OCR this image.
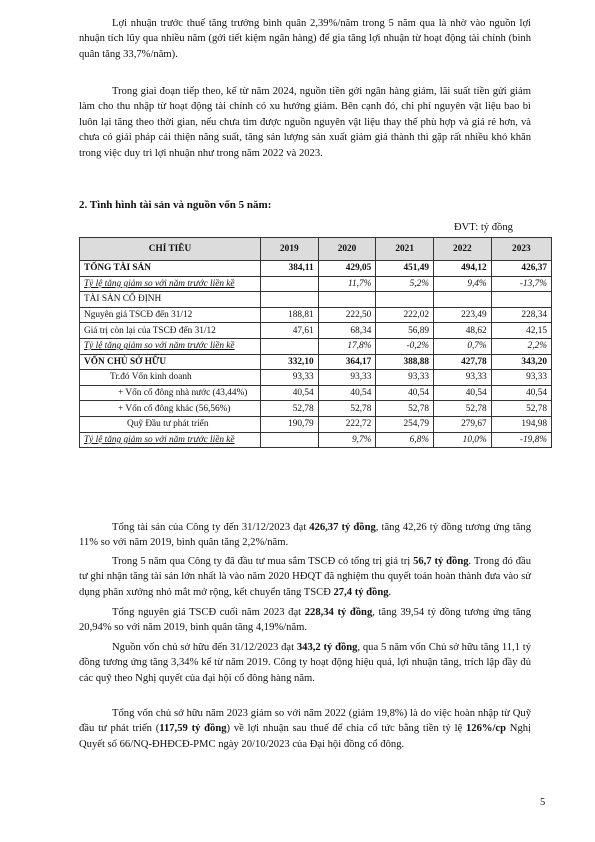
Lợi nhuận trước thuế tăng trưởng bình quân 2,39%/năm trong 5 năm qua là nhờ vào nguồn lợi nhuận tích lũy qua nhiều năm (gởi tiết kiệm ngân hàng) để gia tăng lợi nhuận từ hoạt động tài chính (bình quân tăng 33,7%/năm).

Trong giai đoạn tiếp theo, kể từ năm 2024, nguồn tiền gởi ngân hàng giảm, lãi suất tiền gửi giảm làm cho thu nhập từ hoạt động tài chính có xu hướng giảm. Bên cạnh đó, chi phí nguyên vật liệu bao bì luôn lại tăng theo thời gian, nếu chưa tìm được nguồn nguyên vật liệu thay thế phù hợp và giá rẻ hơn, và chưa có giải pháp cải thiện năng suất, tăng sản lượng sản xuất giảm giá thành thì gặp rất nhiều khó khăn trong việc duy trì lợi nhuận như trong năm 2022 và 2023.

2. Tình hình tài sản và nguồn vốn 5 năm:

ĐVT: tỷ đồng

CHỈ TIÊU	2019	2020	2021	2022	2023
TỔNG TÀI SẢN	384,11	429,05	451,49	494,12	426,37
Tỷ lệ tăng giảm so với năm trước liền kề		11,7%	5,2%	9,4%	-13,7%
TÀI SẢN CỐ ĐỊNH					
Nguyên giá TSCĐ đến 31/12	188,81	222,50	222,02	223,49	228,34
Giá trị còn lại của TSCĐ đến 31/12	47,61	68,34	56,89	48,62	42,15
Tỷ lệ tăng giảm so với năm trước liền kề		17,8%	-0,2%	0,7%	2,2%
VỐN CHỦ SỞ HỮU	332,10	364,17	388,88	427,78	343,20
Tr.đó Vốn kinh doanh	93,33	93,33	93,33	93,33	93,33
+ Vốn cổ đông nhà nước (43,44%)	40,54	40,54	40,54	40,54	40,54
+ Vốn cổ đông khác (56,56%)	52,78	52,78	52,78	52,78	52,78
Quỹ Đầu tư phát triển	190,79	222,72	254,79	279,67	194,98
Tỷ lệ tăng giảm so với năm trước liền kề		9,7%	6,8%	10,0%	-19,8%

Tổng tài sản của Công ty đến 31/12/2023 đạt 426,37 tỷ đồng, tăng 42,26 tỷ đồng tương ứng tăng 11% so với năm 2019, bình quân tăng 2,2%/năm.

Trong 5 năm qua Công ty đã đầu tư mua sắm TSCĐ có tổng trị giá trị 56,7 tỷ đồng. Trong đó đầu tư ghi nhận tăng tài sản lớn nhất là vào năm 2020 HĐQT đã nghiệm thu quyết toán hoàn thành đưa vào sử dụng phân xưởng nhỏ mắt mở rộng, kết chuyển tăng TSCĐ 27,4 tỷ đồng.

Tổng nguyên giá TSCĐ cuối năm 2023 đạt 228,34 tỷ đồng, tăng 39,54 tỷ đồng tương ứng tăng 20,94% so với năm 2019, bình quân tăng 4,19%/năm.

Nguồn vốn chủ sở hữu đến 31/12/2023 đạt 343,2 tỷ đồng, qua 5 năm vốn Chủ sở hữu tăng 11,1 tỷ đồng tương ứng tăng 3,34% kể từ năm 2019. Công ty hoạt động hiệu quả, lợi nhuận tăng, trích lập đầy đủ các quỹ theo Nghị quyết của đại hội cổ đông hàng năm.

Tổng vốn chủ sở hữu năm 2023 giảm so với năm 2022 (giảm 19,8%) là do việc hoàn nhập từ Quỹ đầu tư phát triển (117,59 tỷ đồng) về lợi nhuận sau thuế để chia cổ tức bằng tiền tỷ lệ 126%/cp Nghị Quyết số 66/NQ-ĐHĐCĐ-PMC ngày 20/10/2023 của Đại hội đồng cổ đông.

5
